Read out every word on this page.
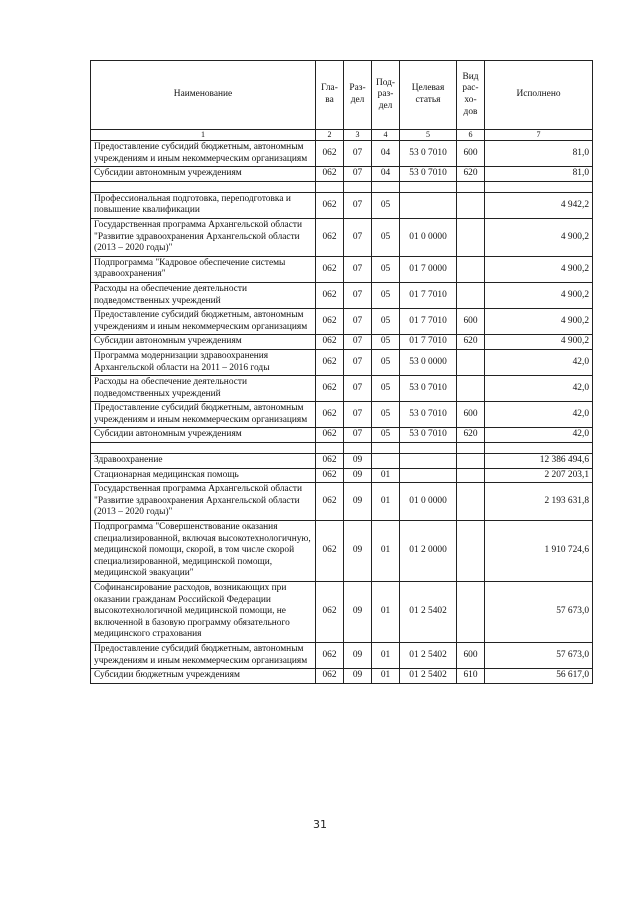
Наименование	Гла-ва	Раз-дел	Под-раз-дел	Целевая статья	Вид рас-хо-дов	Исполнено
1	2	3	4	5	6	7
Предоставление субсидий бюджетным, автономным учреждениям и иным некоммерческим организациям	062	07	04	53 0 7010	600	81,0
Субсидии автономным учреждениям	062	07	04	53 0 7010	620	81,0

Профессиональная подготовка, переподготовка и повышение квалификации	062	07	05			4 942,2
Государственная программа Архангельской области "Развитие здравоохранения Архангельской области (2013 – 2020 годы)"	062	07	05	01 0 0000		4 900,2
Подпрограмма "Кадровое обеспечение системы здравоохранения"	062	07	05	01 7 0000		4 900,2
Расходы на обеспечение деятельности подведомственных учреждений	062	07	05	01 7 7010		4 900,2
Предоставление субсидий бюджетным, автономным учреждениям и иным некоммерческим организациям	062	07	05	01 7 7010	600	4 900,2
Субсидии автономным учреждениям	062	07	05	01 7 7010	620	4 900,2
Программа модернизации здравоохранения Архангельской области на 2011 – 2016 годы	062	07	05	53 0 0000		42,0
Расходы на обеспечение деятельности подведомственных учреждений	062	07	05	53 0 7010		42,0
Предоставление субсидий бюджетным, автономным учреждениям и иным некоммерческим организациям	062	07	05	53 0 7010	600	42,0
Субсидии автономным учреждениям	062	07	05	53 0 7010	620	42,0

Здравоохранение	062	09				12 386 494,6
Стационарная медицинская помощь	062	09	01			2 207 203,1
Государственная программа Архангельской области "Развитие здравоохранения Архангельской области (2013 – 2020 годы)"	062	09	01	01 0 0000		2 193 631,8
Подпрограмма "Совершенствование оказания специализированной, включая высокотехнологичную, медицинской помощи, скорой, в том числе скорой специализированной, медицинской помощи, медицинской эвакуации"	062	09	01	01 2 0000		1 910 724,6
Софинансирование расходов, возникающих при оказании гражданам Российской Федерации высокотехнологичной медицинской помощи, не включенной в базовую программу обязательного медицинского страхования	062	09	01	01 2 5402		57 673,0
Предоставление субсидий бюджетным, автономным учреждениям и иным некоммерческим организациям	062	09	01	01 2 5402	600	57 673,0
Субсидии бюджетным учреждениям	062	09	01	01 2 5402	610	56 617,0
31
